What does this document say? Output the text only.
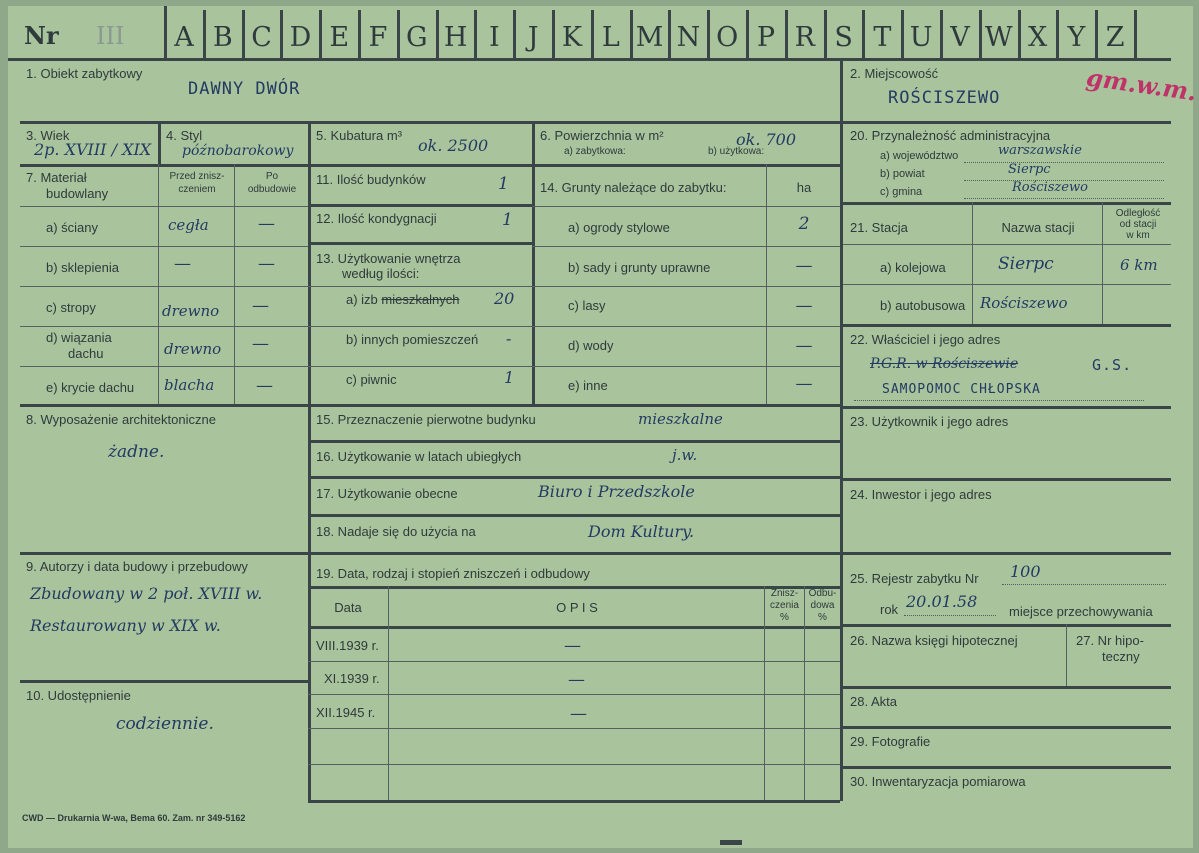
Nr III	A B C D E F G H I	J K L M N O P R S T U V W X Y Z
1. Obiekt zabytkowy
DAWNY DWÓR
2. Miejscowość
ROŚCISZEWO	gm.w.m.
3. Wiek
2p. XVIII / XIX
4. Styl
późnobarokowy
5. Kubatura m³
ok. 2500
6. Powierzchnia w m²
a) zabytkowa:	b) użytkowa:
ok. 700	20. Przynależność administracyjna
a) województwo	warszawskie
b) powiat	Sierpc
c) gmina	Rościszewo
7. Materiał
budowlany
Przed znisz-
czeniem
Po
odbudowie
a) ściany	cegła	—
b) sklepienia	—	—
c) stropy	drewno —
d) wiązania
dachu	drewno —
e) krycie dachu blacha —
11. Ilość budynków	1
12. Ilość kondygnacji	1
13. Użytkowanie wnętrza
według ilości:
a) izb mieszkalnych 20
b) innych pomieszczeń -
c) piwnic	1
14. Grunty należące do zabytku:	ha
a) ogrody stylowe	2
b) sady i grunty uprawne	—
c) lasy	—
d) wody	—
e) inne	—
21. Stacja	Nazwa stacji
Odległość
od stacji
w km
a) kolejowa	Sierpc	6 km
b) autobusowa Rościszewo
22. Właściciel i jego adres
P.G.R. w Rościszewie	G.S.
SAMOPOMOC CHŁOPSKA
8. Wyposażenie architektoniczne
żadne.
15. Przeznaczenie pierwotne budynku	mieszkalne
16. Użytkowanie w latach ubiegłych	j.w.
17. Użytkowanie obecne	Biuro i Przedszkole
18. Nadaje się do użycia na	Dom Kultury.
23. Użytkownik i jego adres
24. Inwestor i jego adres
9. Autorzy i data budowy i przebudowy
Zbudowany w 2 poł. XVIII w.
Restaurowany w XIX w.
19. Data, rodzaj i stopień zniszczeń i odbudowy
Data	O P I S
Znisz-
czenia
%
Odbu-
dowa
%
VIII.1939 r.	—
XI.1939 r.	—
XII.1945 r.	—
25. Rejestr zabytku Nr 100
rok 20.01.58
miejsce przechowywania
26. Nazwa księgi hipotecznej	27. Nr hipo-
teczny
10. Udostępnienie
codziennie.
28. Akta
29. Fotografie
30. Inwentaryzacja pomiarowa
CWD — Drukarnia W-wa, Bema 60. Zam. nr 349-5162
